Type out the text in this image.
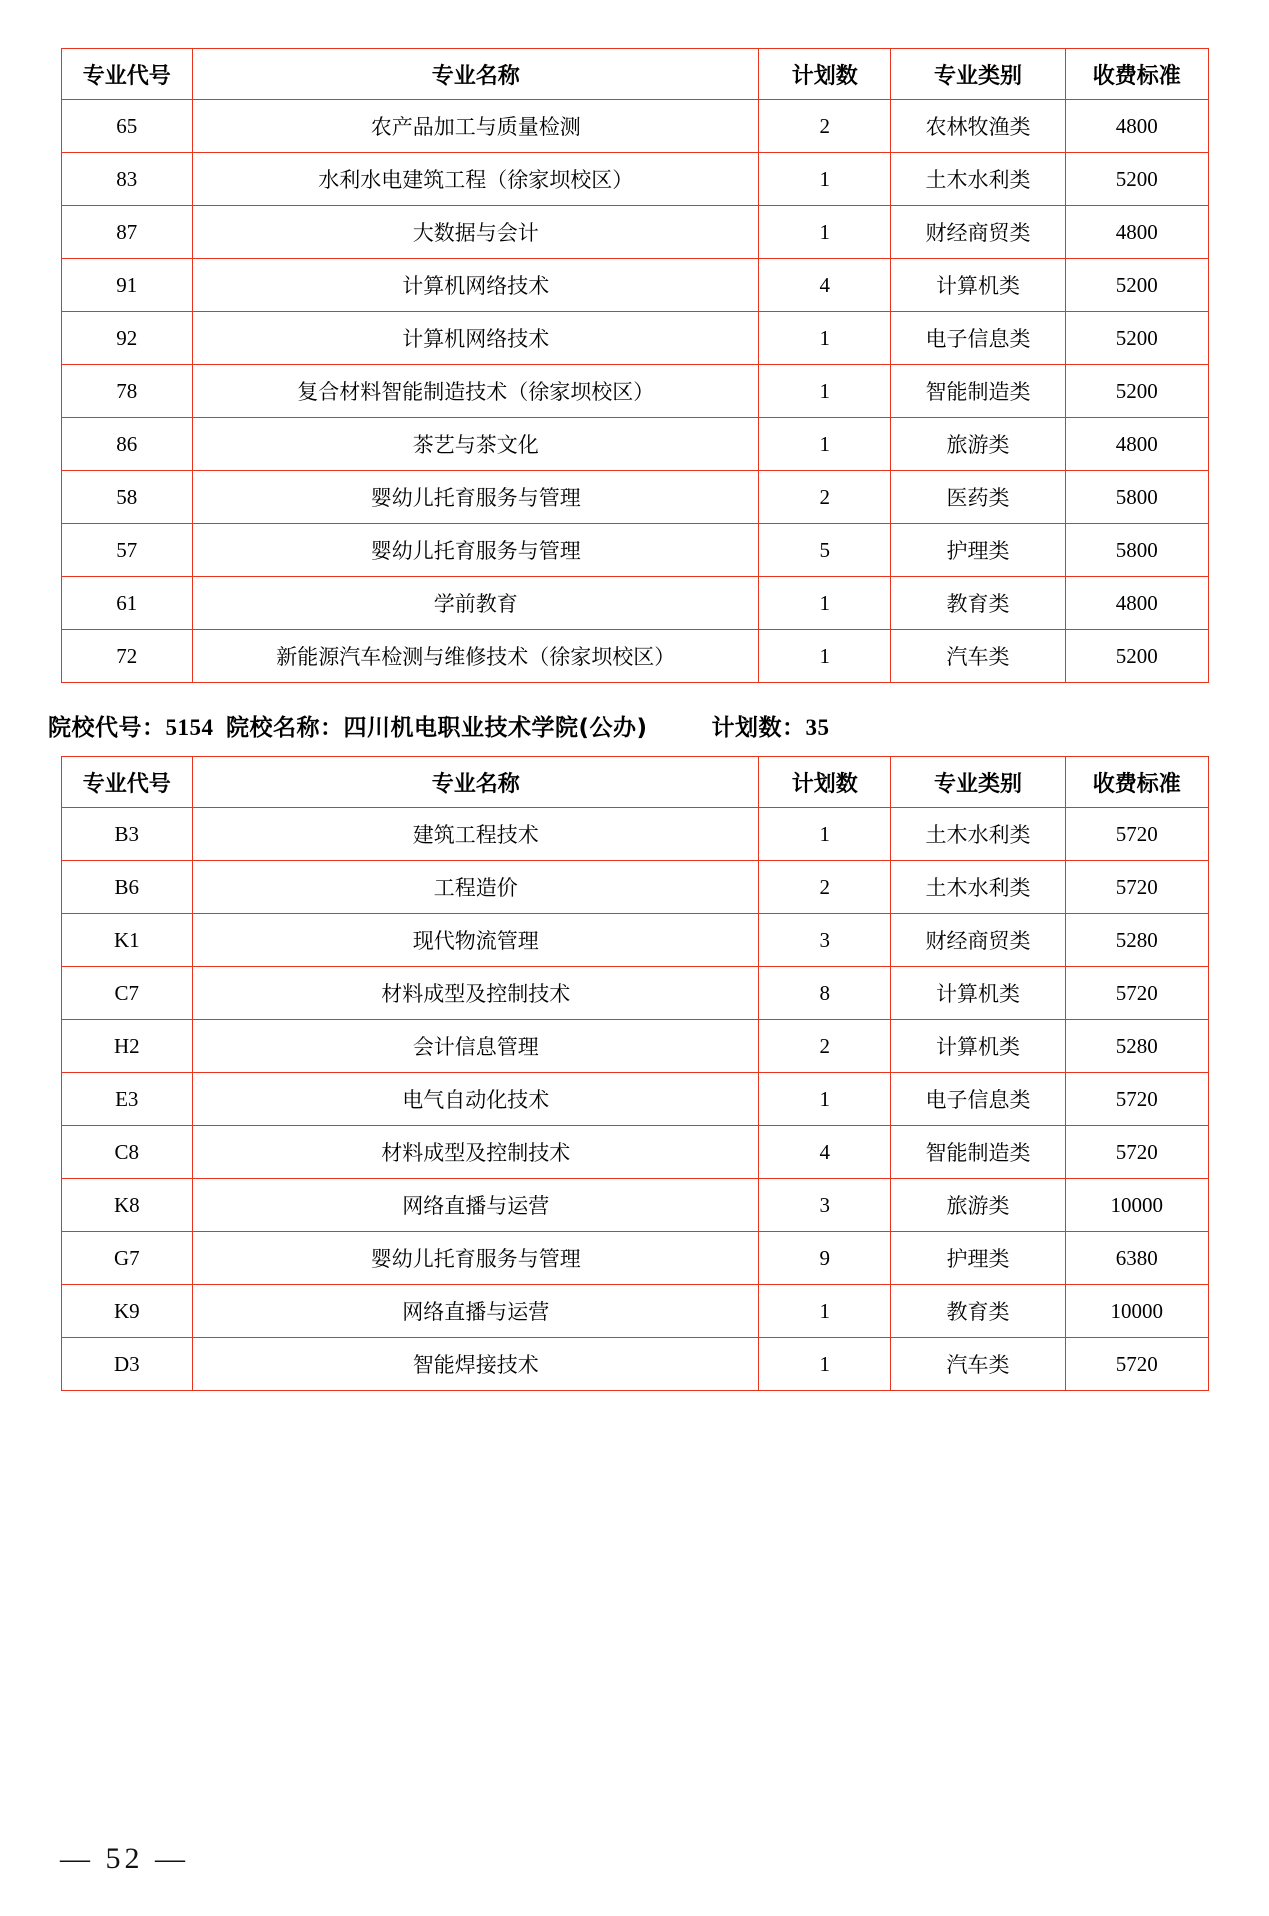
专业代号	专业名称	计划数	专业类别	收费标准
65	农产品加工与质量检测	2	农林牧渔类	4800
83	水利水电建筑工程（徐家坝校区）	1	土木水利类	5200
87	大数据与会计	1	财经商贸类	4800
91	计算机网络技术	4	计算机类	5200
92	计算机网络技术	1	电子信息类	5200
78	复合材料智能制造技术（徐家坝校区）	1	智能制造类	5200
86	茶艺与茶文化	1	旅游类	4800
58	婴幼儿托育服务与管理	2	医药类	5800
57	婴幼儿托育服务与管理	5	护理类	5800
61	学前教育	1	教育类	4800
72	新能源汽车检测与维修技术（徐家坝校区）	1	汽车类	5200
院校代号： 5154 院校名称： 四川机电职业技术学院(公办)	计划数： 35
专业代号	专业名称	计划数	专业类别	收费标准
B3	建筑工程技术	1	土木水利类	5720
B6	工程造价	2	土木水利类	5720
K1	现代物流管理	3	财经商贸类	5280
C7	材料成型及控制技术	8	计算机类	5720
H2	会计信息管理	2	计算机类	5280
E3	电气自动化技术	1	电子信息类	5720
C8	材料成型及控制技术	4	智能制造类	5720
K8	网络直播与运营	3	旅游类	10000
G7	婴幼儿托育服务与管理	9	护理类	6380
K9	网络直播与运营	1	教育类	10000
D3	智能焊接技术	1	汽车类	5720
— 52 —
